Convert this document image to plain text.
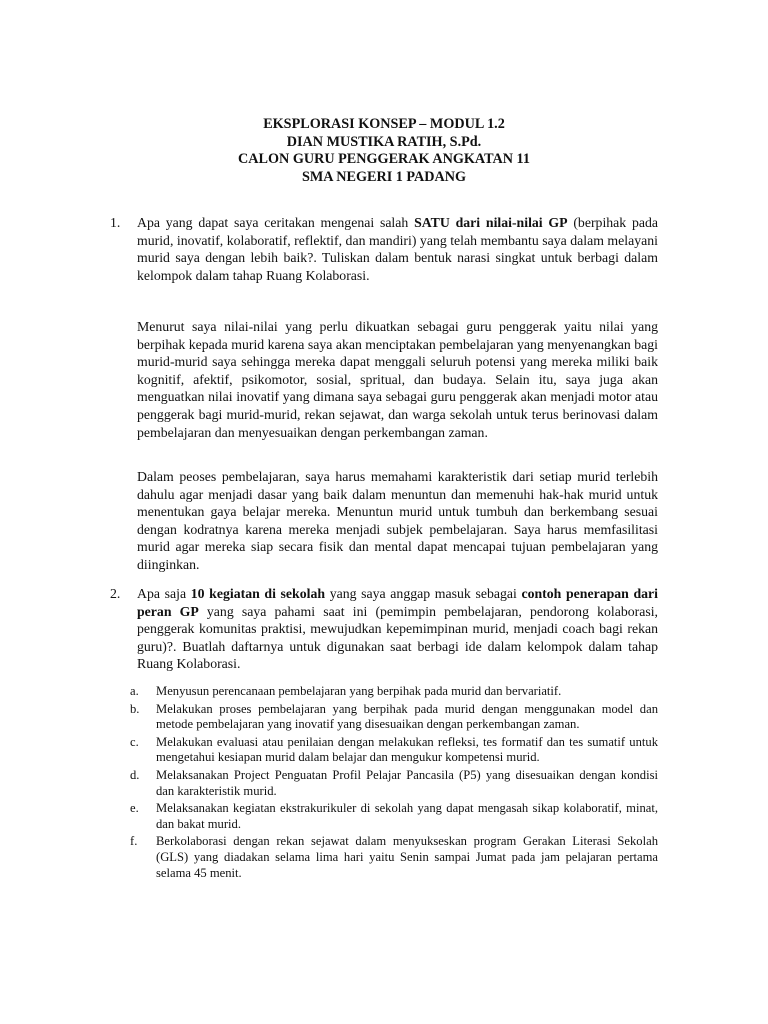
EKSPLORASI KONSEP – MODUL 1.2
DIAN MUSTIKA RATIH, S.Pd.
CALON GURU PENGGERAK ANGKATAN 11
SMA NEGERI 1 PADANG
1. Apa yang dapat saya ceritakan mengenai salah SATU dari nilai-nilai GP (berpihak pada murid, inovatif, kolaboratif, reflektif, dan mandiri) yang telah membantu saya dalam melayani murid saya dengan lebih baik?. Tuliskan dalam bentuk narasi singkat untuk berbagi dalam kelompok dalam tahap Ruang Kolaborasi.
Menurut saya nilai-nilai yang perlu dikuatkan sebagai guru penggerak yaitu nilai yang berpihak kepada murid karena saya akan menciptakan pembelajaran yang menyenangkan bagi murid-murid saya sehingga mereka dapat menggali seluruh potensi yang mereka miliki baik kognitif, afektif, psikomotor, sosial, spritual, dan budaya. Selain itu, saya juga akan menguatkan nilai inovatif yang dimana saya sebagai guru penggerak akan menjadi motor atau penggerak bagi murid-murid, rekan sejawat, dan warga sekolah untuk terus berinovasi dalam pembelajaran dan menyesuaikan dengan perkembangan zaman.
Dalam peoses pembelajaran, saya harus memahami karakteristik dari setiap murid terlebih dahulu agar menjadi dasar yang baik dalam menuntun dan memenuhi hak-hak murid untuk menentukan gaya belajar mereka. Menuntun murid untuk tumbuh dan berkembang sesuai dengan kodratnya karena mereka menjadi subjek pembelajaran. Saya harus memfasilitasi murid agar mereka siap secara fisik dan mental dapat mencapai tujuan pembelajaran yang diinginkan.
2. Apa saja 10 kegiatan di sekolah yang saya anggap masuk sebagai contoh penerapan dari peran GP yang saya pahami saat ini (pemimpin pembelajaran, pendorong kolaborasi, penggerak komunitas praktisi, mewujudkan kepemimpinan murid, menjadi coach bagi rekan guru)?. Buatlah daftarnya untuk digunakan saat berbagi ide dalam kelompok dalam tahap Ruang Kolaborasi.
a. Menyusun perencanaan pembelajaran yang berpihak pada murid dan bervariatif.
b. Melakukan proses pembelajaran yang berpihak pada murid dengan menggunakan model dan metode pembelajaran yang inovatif yang disesuaikan dengan perkembangan zaman.
c. Melakukan evaluasi atau penilaian dengan melakukan refleksi, tes formatif dan tes sumatif untuk mengetahui kesiapan murid dalam belajar dan mengukur kompetensi murid.
d. Melaksanakan Project Penguatan Profil Pelajar Pancasila (P5) yang disesuaikan dengan kondisi dan karakteristik murid.
e. Melaksanakan kegiatan ekstrakurikuler di sekolah yang dapat mengasah sikap kolaboratif, minat, dan bakat murid.
f. Berkolaborasi dengan rekan sejawat dalam menyukseskan program Gerakan Literasi Sekolah (GLS) yang diadakan selama lima hari yaitu Senin sampai Jumat pada jam pelajaran pertama selama 45 menit.
